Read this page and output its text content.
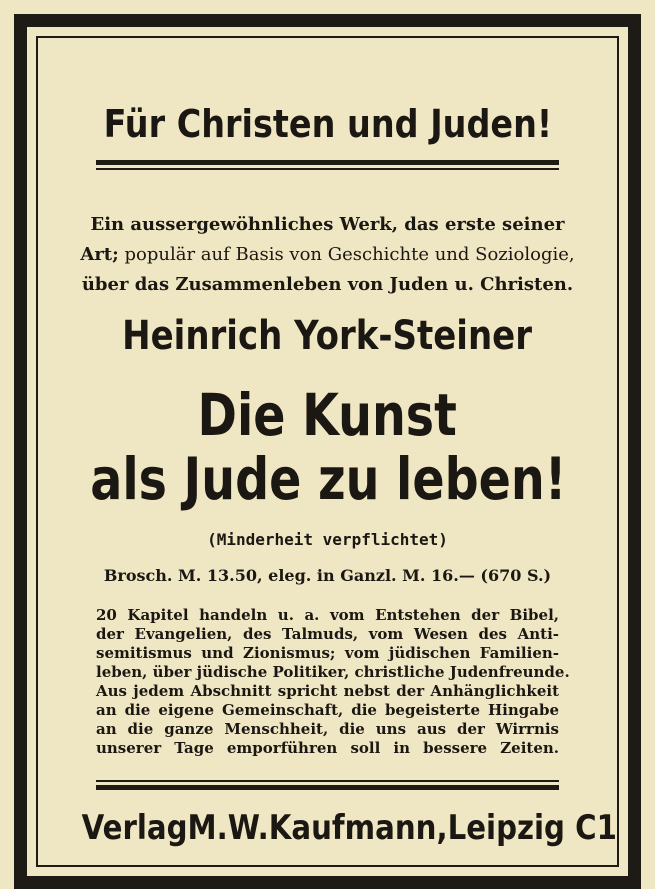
Für Christen und Juden!
Ein aussergewöhnliches Werk, das erste seiner
Art; populär auf Basis von Geschichte und Soziologie,
über das Zusammenleben von Juden u. Christen.
Heinrich York-Steiner
Die Kunst
als Jude zu leben!
(Minderheit verpflichtet)
Brosch. M. 13.50, eleg. in Ganzl. M. 16.— (670 S.)
20 Kapitel handeln u. a. vom Entstehen der Bibel,
der Evangelien, des Talmuds, vom Wesen des Anti-
semitismus und Zionismus; vom jüdischen Familien-
leben, über jüdische Politiker, christliche Judenfreunde.
Aus jedem Abschnitt spricht nebst der Anhänglichkeit
an die eigene Gemeinschaft, die begeisterte Hingabe
an die ganze Menschheit, die uns aus der Wirrnis
unserer Tage emporführen soll in bessere Zeiten.
VerlagM.W.Kaufmann,Leipzig C1
